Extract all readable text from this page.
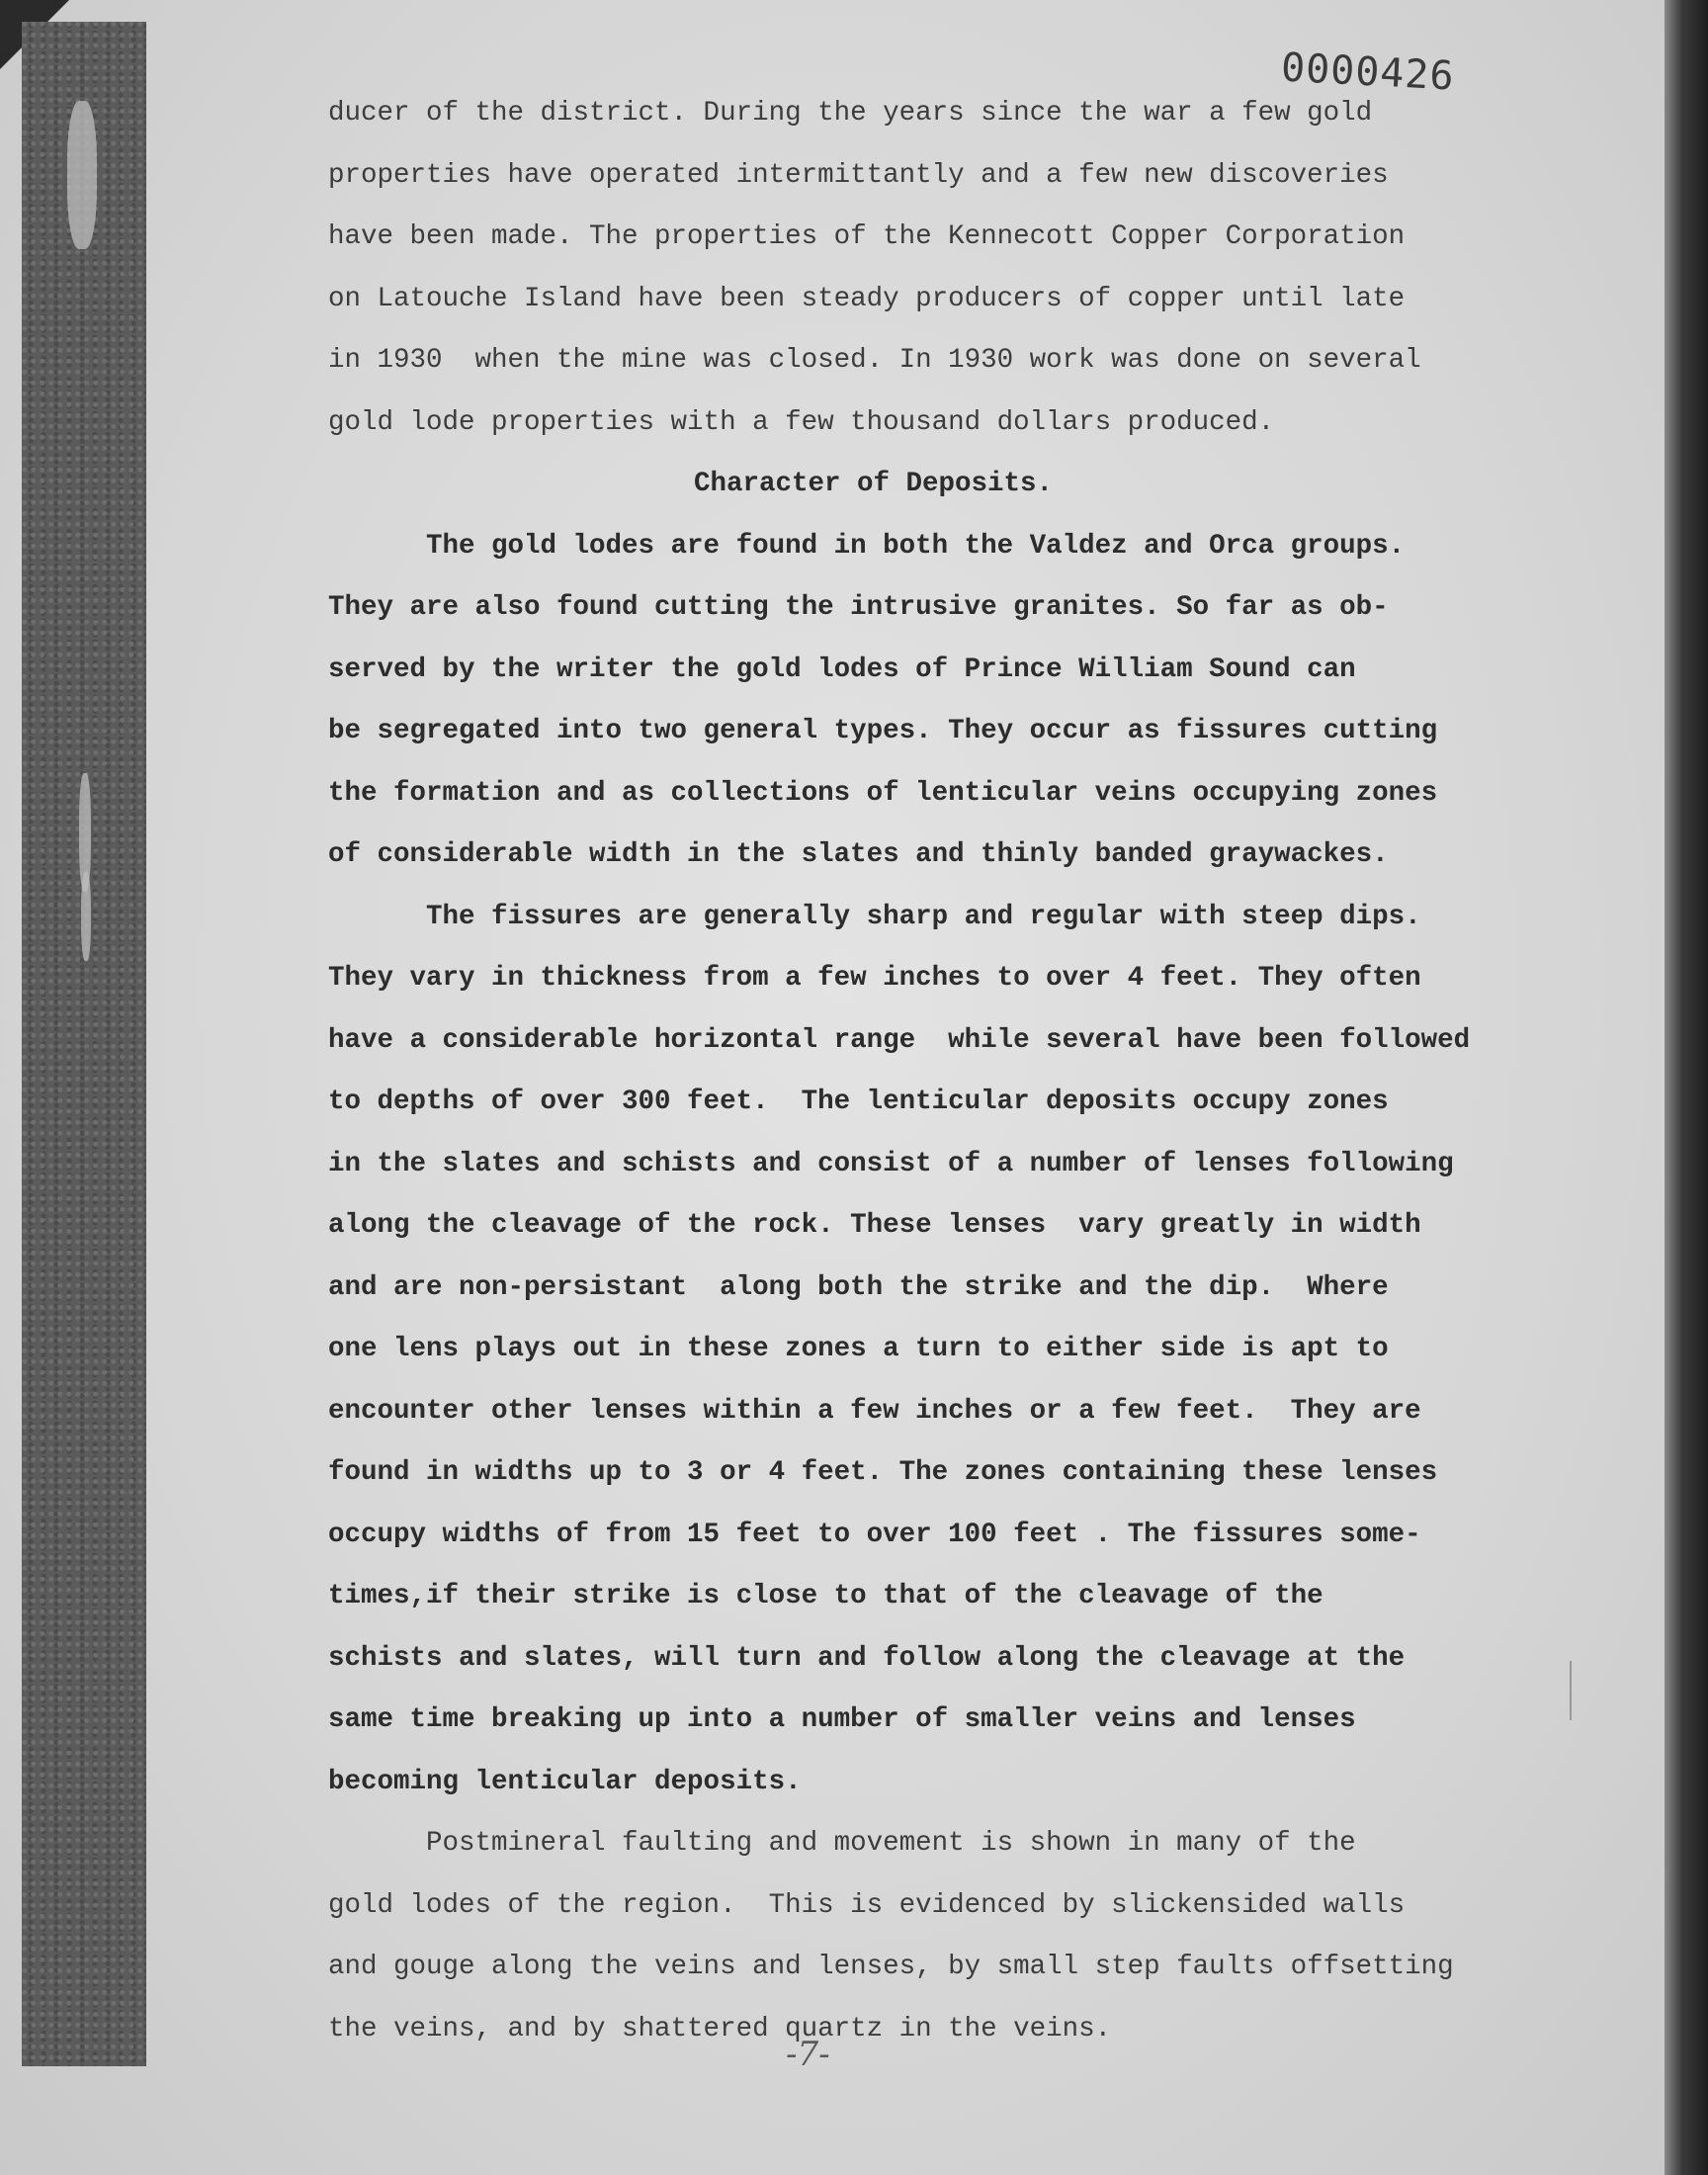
0000426

ducer of the district. During the years since the war a few gold

properties have operated intermittantly and a few new discoveries

have been made. The properties of the Kennecott Copper Corporation

on Latouche Island have been steady producers of copper until late

in 1930  when the mine was closed. In 1930 work was done on several

gold lode properties with a few thousand dollars produced.

Character of Deposits.

The gold lodes are found in both the Valdez and Orca groups.

They are also found cutting the intrusive granites. So far as ob-

served by the writer the gold lodes of Prince William Sound can

be segregated into two general types. They occur as fissures cutting

the formation and as collections of lenticular veins occupying zones

of considerable width in the slates and thinly banded graywackes.

The fissures are generally sharp and regular with steep dips.

They vary in thickness from a few inches to over 4 feet. They often

have a considerable horizontal range  while several have been followed

to depths of over 300 feet.  The lenticular deposits occupy zones

in the slates and schists and consist of a number of lenses following

along the cleavage of the rock. These lenses  vary greatly in width

and are non-persistant  along both the strike and the dip.  Where

one lens plays out in these zones a turn to either side is apt to

encounter other lenses within a few inches or a few feet.  They are

found in widths up to 3 or 4 feet. The zones containing these lenses

occupy widths of from 15 feet to over 100 feet . The fissures some-

times,if their strike is close to that of the cleavage of the

schists and slates, will turn and follow along the cleavage at the

same time breaking up into a number of smaller veins and lenses

becoming lenticular deposits.

Postmineral faulting and movement is shown in many of the

gold lodes of the region.  This is evidenced by slickensided walls

and gouge along the veins and lenses, by small step faults offsetting

the veins, and by shattered quartz in the veins.

-7-
